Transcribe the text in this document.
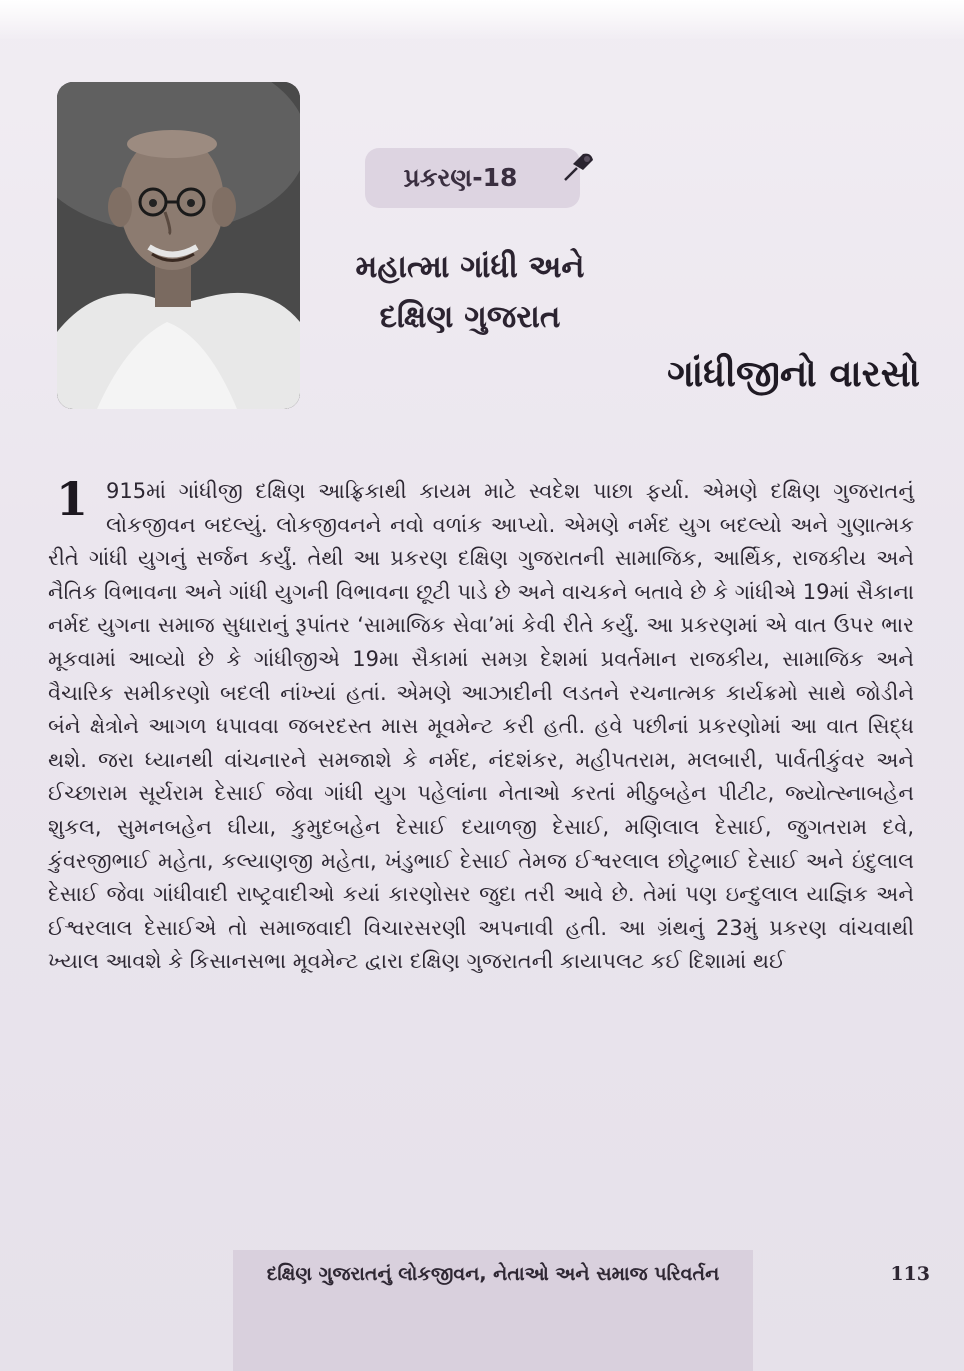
પ્રકરણ-18
મહાત્મા ગાંધી અને
દક્ષિણ ગુજરાત
ગાંધીજીનો વારસો
1 915માં ગાંધીજી દક્ષિણ આફ્રિકાથી કાયમ માટે સ્વદેશ પાછા ફર્યા. એમણે દક્ષિણ ગુજરાતનું લોકજીવન બદલ્યું. લોકજીવનને નવો વળાંક આપ્યો. એમણે નર્મદ યુગ બદલ્યો અને ગુણાત્મક રીતે ગાંધી યુગનું સર્જન કર્યું. તેથી આ પ્રકરણ દક્ષિણ ગુજરાતની સામાજિક, આર્થિક, રાજકીય અને નૈતિક વિભાવના અને ગાંધી યુગની વિભાવના છૂટી પાડે છે અને વાચકને બતાવે છે કે ગાંધીએ 19માં સૈકાના નર્મદ યુગના સમાજ સુધારાનું રૂપાંતર ‘સામાજિક સેવા’માં કેવી રીતે કર્યું. આ પ્રકરણમાં એ વાત ઉપર ભાર મૂકવામાં આવ્યો છે કે ગાંધીજીએ 19મા સૈકામાં સમગ્ર દેશમાં પ્રવર્તમાન રાજકીય, સામાજિક અને વૈચારિક સમીકરણો બદલી નાંખ્યાં હતાં. એમણે આઝાદીની લડતને રચનાત્મક કાર્યક્રમો સાથે જોડીને બંને ક્ષેત્રોને આગળ ધપાવવા જબરદસ્ત માસ મૂવમેન્ટ કરી હતી. હવે પછીનાં પ્રકરણોમાં આ વાત સિદ્ધ થશે. જરા ધ્યાનથી વાંચનારને સમજાશે કે નર્મદ, નંદશંકર, મહીપતરામ, મલબારી, પાર્વતીકુંવર અને ઈચ્છારામ સૂર્યરામ દેસાઈ જેવા ગાંધી યુગ પહેલાંના નેતાઓ કરતાં મીઠુબહેન પીટીટ, જ્યોત્સ્નાબહેન શુકલ, સુમનબહેન ઘીયા, કુમુદબહેન દેસાઈ દયાળજી દેસાઈ, મણિલાલ દેસાઈ, જુગતરામ દવે, કુંવરજીભાઈ મહેતા, કલ્યાણજી મહેતા, ખંડુભાઈ દેસાઈ તેમજ ઈશ્વરલાલ છોટુભાઈ દેસાઈ અને ઇંદુલાલ દેસાઈ જેવા ગાંધીવાદી રાષ્ટ્રવાદીઓ કયાં કારણોસર જુદા તરી આવે છે. તેમાં પણ ઇન્દુલાલ યાજ્ઞિક અને ઈશ્વરલાલ દેસાઈએ તો સમાજવાદી વિચારસરણી અપનાવી હતી. આ ગ્રંથનું 23મું પ્રકરણ વાંચવાથી ખ્યાલ આવશે કે કિસાનસભા મૂવમેન્ટ દ્વારા દક્ષિણ ગુજરાતની કાયાપલટ કઈ દિશામાં થઈ

દક્ષિણ ગુજરાતનું લોકજીવન, નેતાઓ અને સમાજ પરિવર્તન	113
